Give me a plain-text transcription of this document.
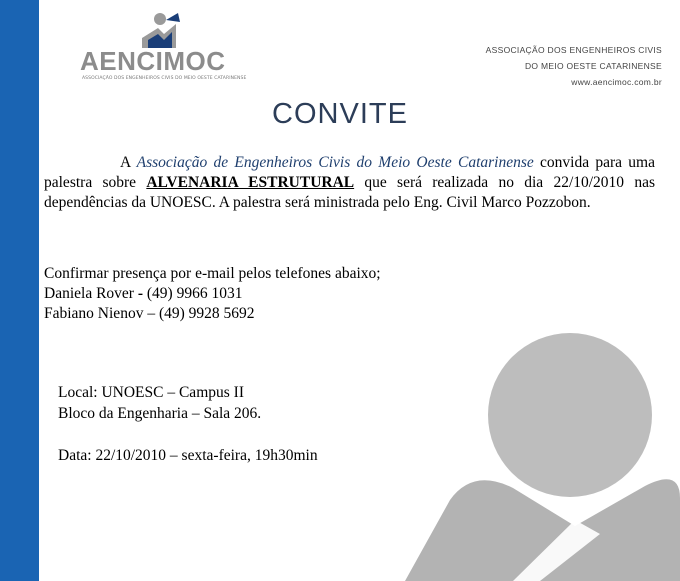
AENCIMOC
ASSOCIAÇÃO DOS ENGENHEIROS CIVIS DO MEIO OESTE CATARINENSE
ASSOCIAÇÃO DOS ENGENHEIROS CIVIS
DO MEIO OESTE CATARINENSE
www.aencimoc.com.br
CONVITE
A Associação de Engenheiros Civis do Meio Oeste Catarinense convida para uma palestra sobre ALVENARIA ESTRUTURAL que será realizada no dia 22/10/2010 nas dependências da UNOESC. A palestra será ministrada pelo Eng. Civil Marco Pozzobon.
Confirmar presença por e-mail pelos telefones abaixo;
Daniela Rover - (49) 9966 1031
Fabiano Nienov – (49) 9928 5692
Local: UNOESC – Campus II
Bloco da Engenharia – Sala 206.
Data: 22/10/2010 – sexta-feira, 19h30min
